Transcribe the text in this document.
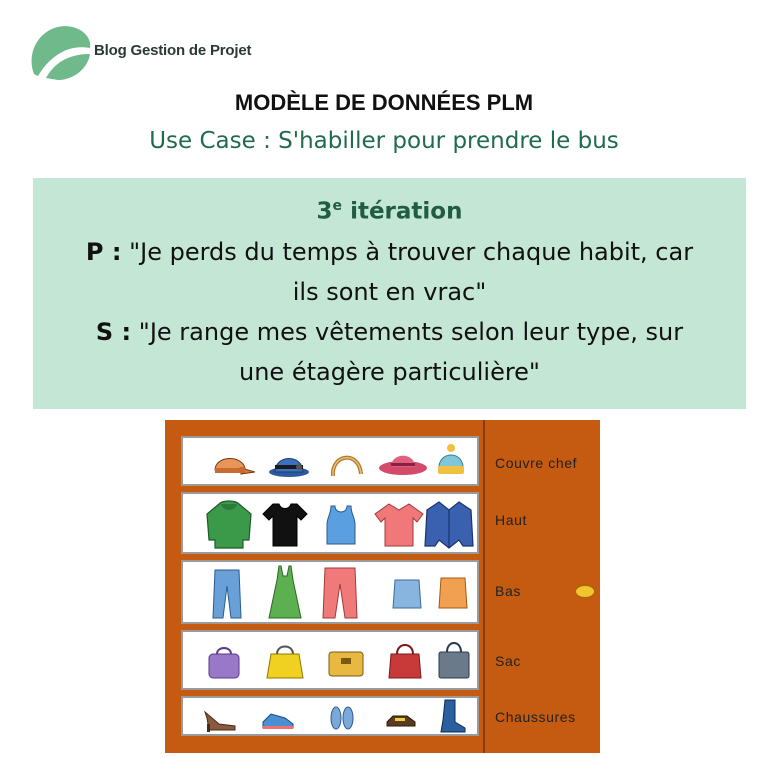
Blog Gestion de Projet
MODÈLE DE DONNÉES PLM
Use Case : S'habiller pour prendre le bus
3e itération
P : "Je perds du temps à trouver chaque habit, car
ils sont en vrac"
S : "Je range mes vêtements selon leur type, sur
une étagère particulière"
Couvre chef
Haut
Bas
Sac
Chaussures
